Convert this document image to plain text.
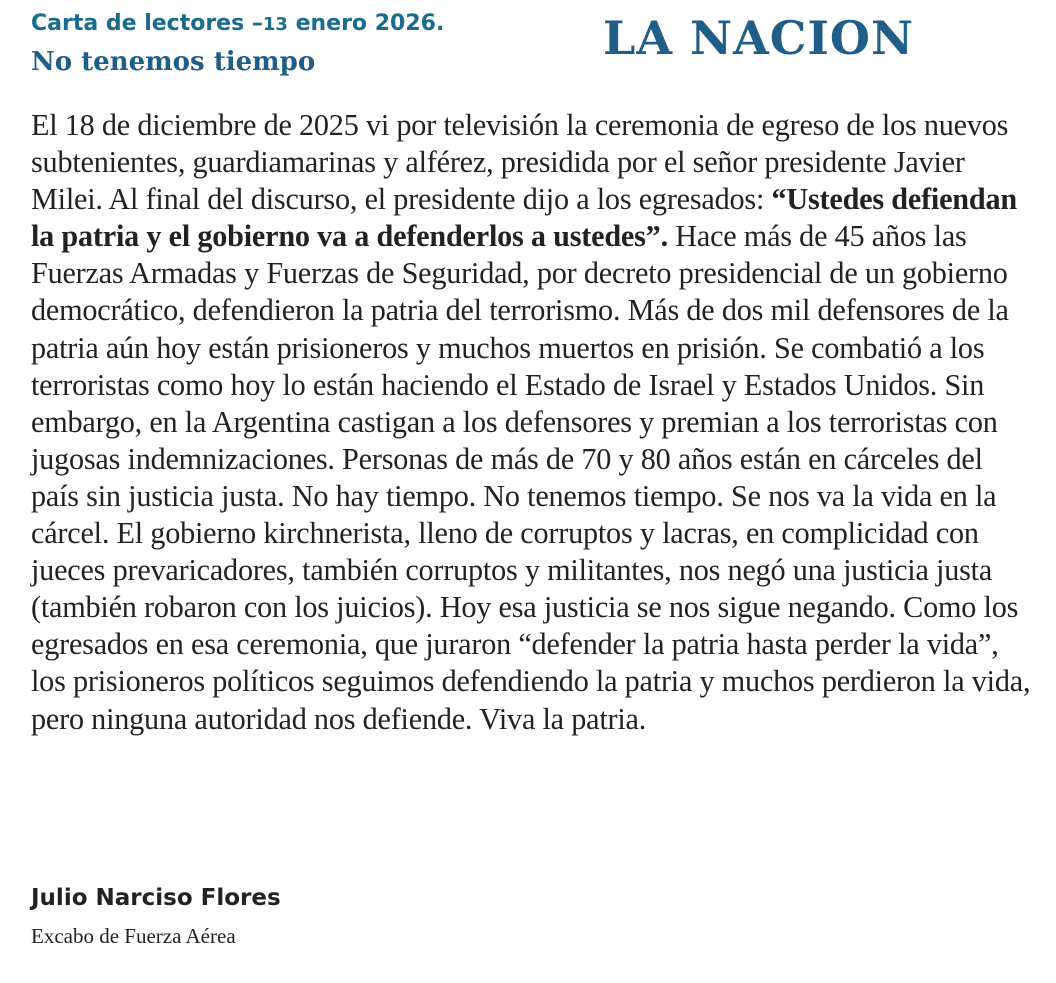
Carta de lectores –13 enero 2026.
No tenemos tiempo	LA NACION
El 18 de diciembre de 2025 vi por televisión la ceremonia de egreso de los nuevos subtenientes, guardiamarinas y alférez, presidida por el señor presidente Javier Milei. Al final del discurso, el presidente dijo a los egresados: “Ustedes defiendan la patria y el gobierno va a defenderlos a ustedes”. Hace más de 45 años las Fuerzas Armadas y Fuerzas de Seguridad, por decreto presidencial de un gobierno democrático, defendieron la patria del terrorismo. Más de dos mil defensores de la patria aún hoy están prisioneros y muchos muertos en prisión. Se combatió a los terroristas como hoy lo están haciendo el Estado de Israel y Estados Unidos. Sin embargo, en la Argentina castigan a los defensores y premian a los terroristas con jugosas indemnizaciones. Personas de más de 70 y 80 años están en cárceles del país sin justicia justa. No hay tiempo. No tenemos tiempo. Se nos va la vida en la cárcel. El gobierno kirchnerista, lleno de corruptos y lacras, en complicidad con jueces prevaricadores, también corruptos y militantes, nos negó una justicia justa (también robaron con los juicios). Hoy esa justicia se nos sigue negando. Como los egresados en esa ceremonia, que juraron “defender la patria hasta perder la vida”, los prisioneros políticos seguimos defendiendo la patria y muchos perdieron la vida, pero ninguna autoridad nos defiende. Viva la patria.
Julio Narciso Flores
Excabo de Fuerza Aérea
